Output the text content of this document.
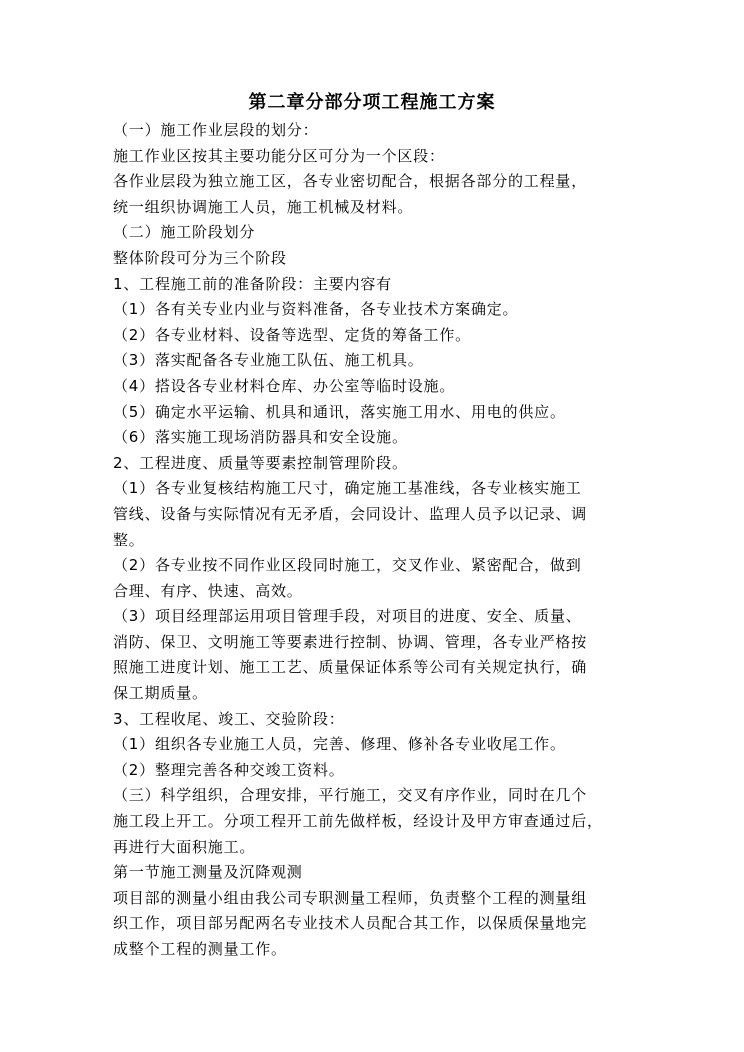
第二章分部分项工程施工方案
（一）施工作业层段的划分：
施工作业区按其主要功能分区可分为一个区段：
各作业层段为独立施工区，各专业密切配合，根据各部分的工程量，
统一组织协调施工人员，施工机械及材料。
（二）施工阶段划分
整体阶段可分为三个阶段
1、工程施工前的准备阶段：主要内容有
（1）各有关专业内业与资料准备，各专业技术方案确定。
（2）各专业材料、设备等选型、定货的筹备工作。
（3）落实配备各专业施工队伍、施工机具。
（4）搭设各专业材料仓库、办公室等临时设施。
（5）确定水平运输、机具和通讯，落实施工用水、用电的供应。
（6）落实施工现场消防器具和安全设施。
2、工程进度、质量等要素控制管理阶段。
（1）各专业复核结构施工尺寸，确定施工基准线，各专业核实施工
管线、设备与实际情况有无矛盾，会同设计、监理人员予以记录、调
整。
（2）各专业按不同作业区段同时施工，交叉作业、紧密配合，做到
合理、有序、快速、高效。
（3）项目经理部运用项目管理手段，对项目的进度、安全、质量、
消防、保卫、文明施工等要素进行控制、协调、管理，各专业严格按
照施工进度计划、施工工艺、质量保证体系等公司有关规定执行，确
保工期质量。
3、工程收尾、竣工、交验阶段：
（1）组织各专业施工人员，完善、修理、修补各专业收尾工作。
（2）整理完善各种交竣工资料。
（三）科学组织，合理安排，平行施工，交叉有序作业，同时在几个
施工段上开工。分项工程开工前先做样板，经设计及甲方审查通过后，
再进行大面积施工。
第一节施工测量及沉降观测
项目部的测量小组由我公司专职测量工程师，负责整个工程的测量组
织工作，项目部另配两名专业技术人员配合其工作，以保质保量地完
成整个工程的测量工作。
